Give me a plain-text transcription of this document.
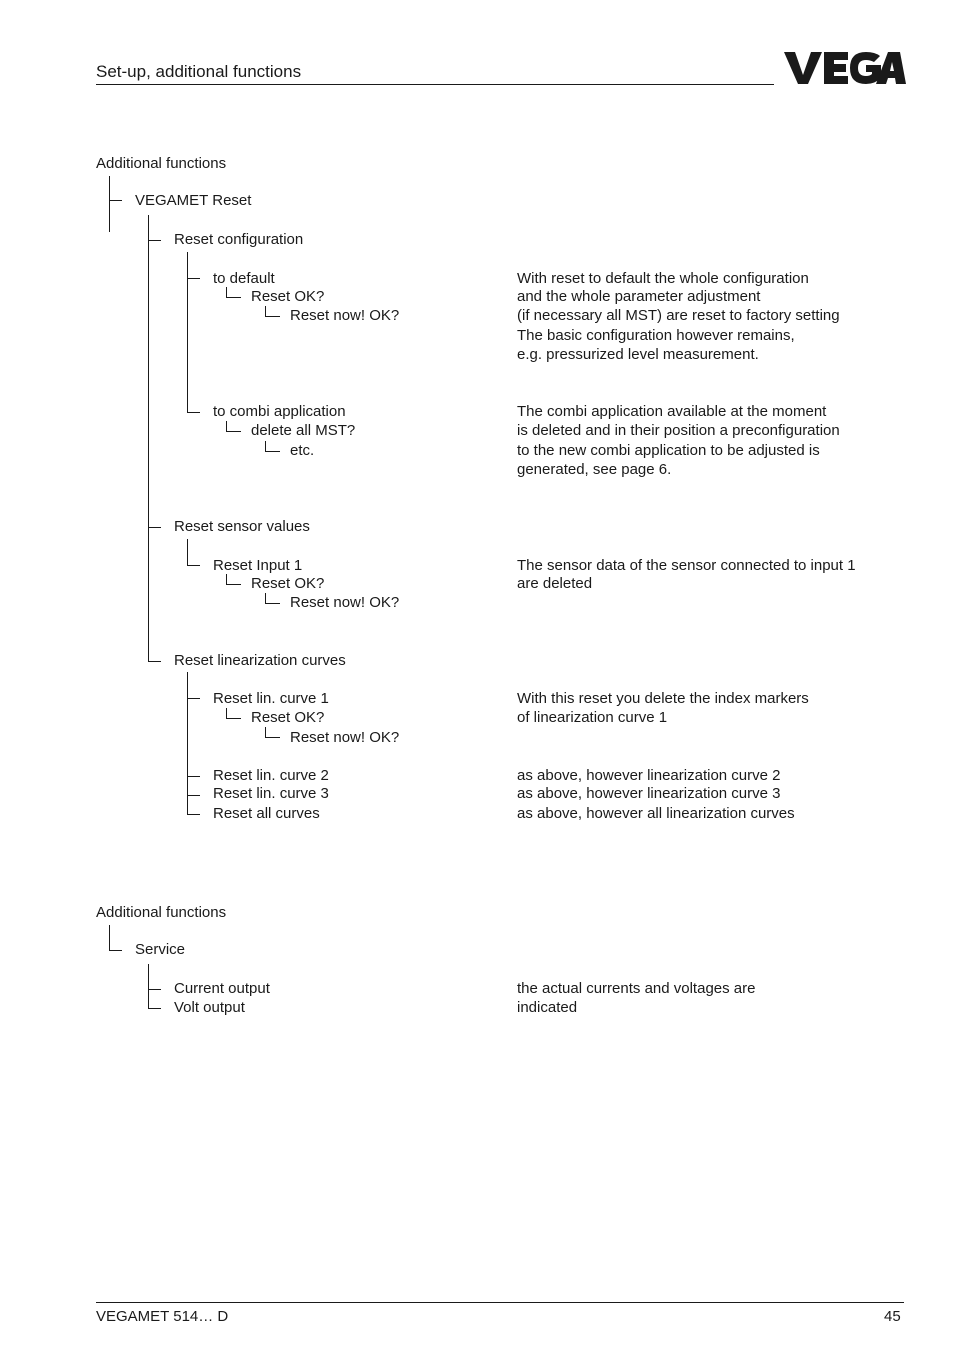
Set-up, additional functions
Additional functions
VEGAMET Reset
Reset configuration
to default
Reset OK?
Reset now! OK?
to combi application
delete all MST?
etc.
Reset sensor values
Reset Input 1
Reset OK?
Reset now! OK?
Reset linearization curves
Reset lin. curve 1
Reset OK?
Reset now! OK?
Reset lin. curve 2
Reset lin. curve 3
Reset all curves
With reset to default the whole configuration
and the whole parameter adjustment
(if necessary all MST) are reset to factory setting
The basic configuration however remains,
e.g. pressurized level measurement.
The combi application available at the moment
is deleted and in their position a preconfiguration
to the new combi application to be adjusted is
generated, see page 6.
The sensor data of the sensor connected to input 1
are deleted
With this reset you delete the index markers
of linearization curve 1
as above, however linearization curve 2
as above, however linearization curve 3
as above, however all linearization curves
Additional functions
Service
Current output
Volt output
the actual currents and voltages are
indicated
VEGAMET 514… D	45
